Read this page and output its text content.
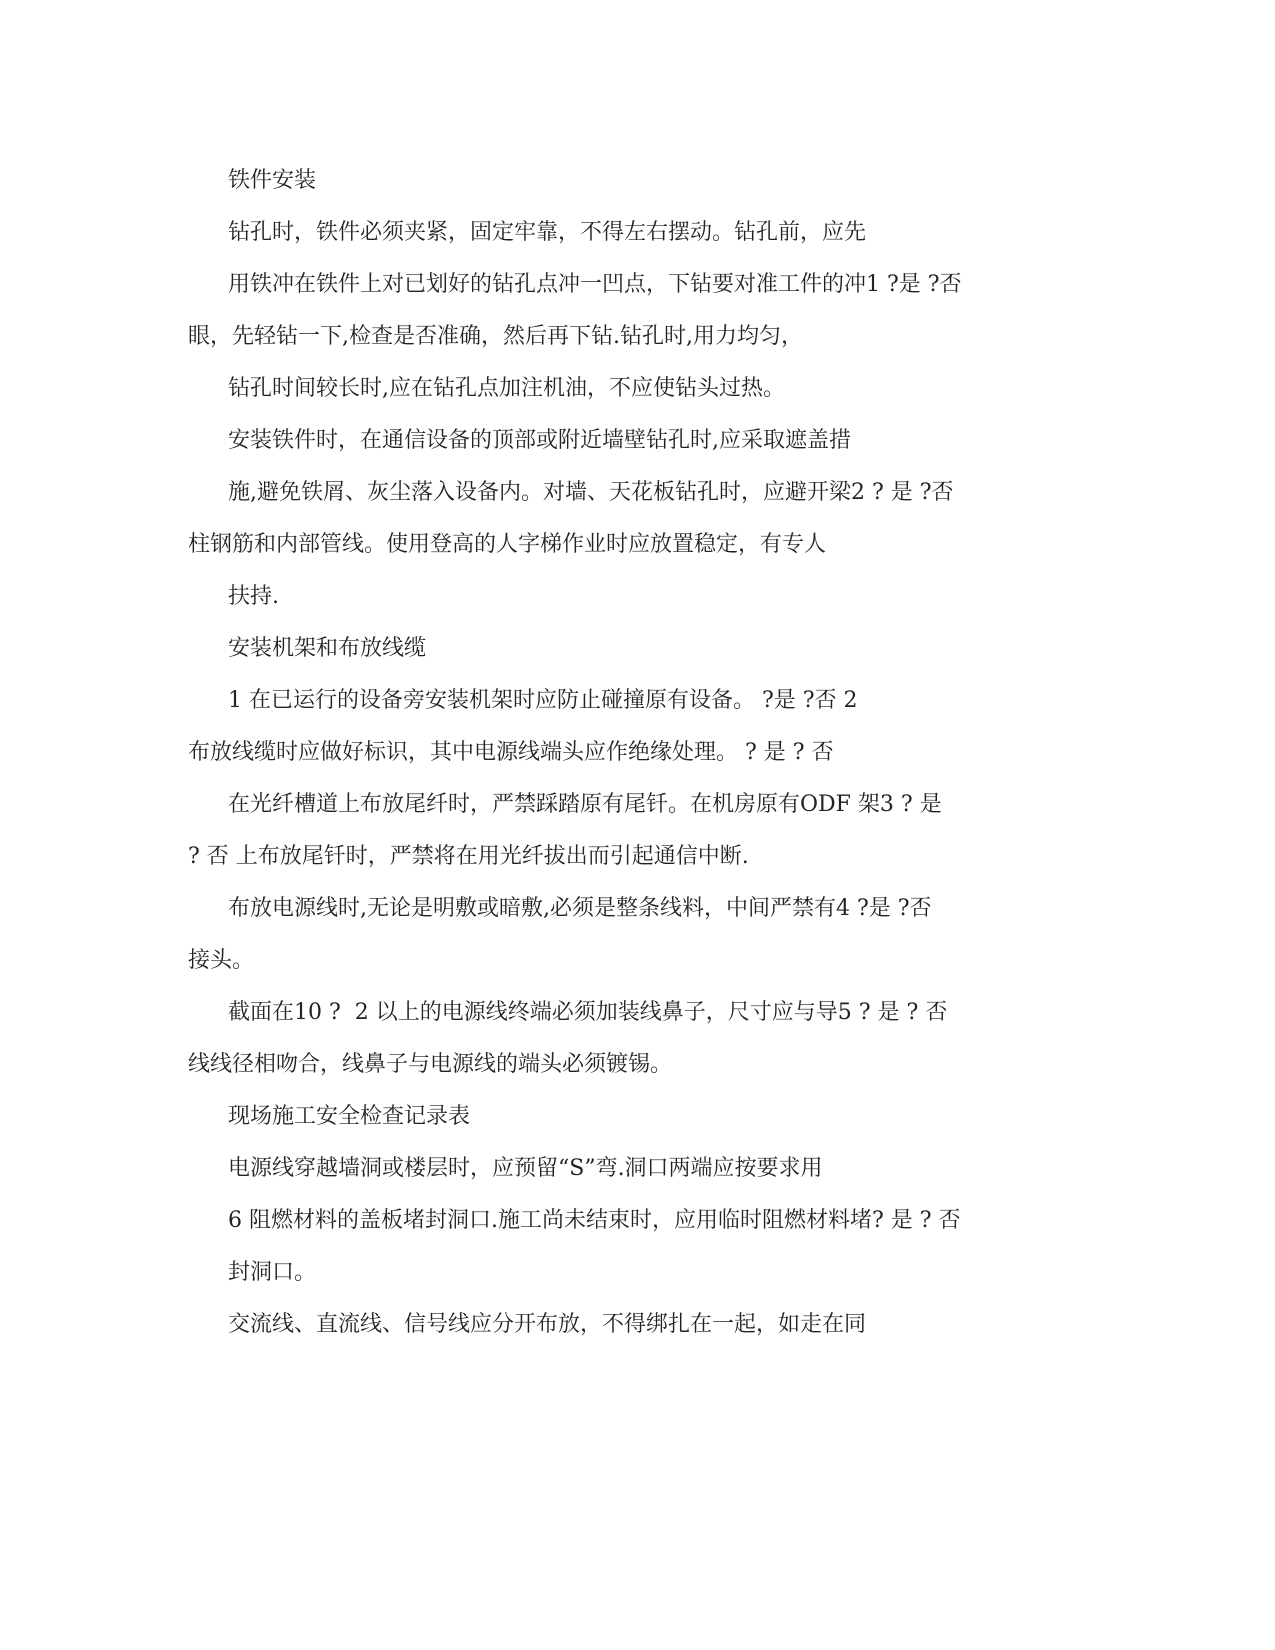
铁件安装
钻孔时，铁件必须夹紧，固定牢靠，不得左右摆动。钻孔前，应先
用铁冲在铁件上对已划好的钻孔点冲一凹点，下钻要对准工件的冲1 ?是 ?否
眼，先轻钻一下,检查是否准确，然后再下钻.钻孔时,用力均匀，
钻孔时间较长时,应在钻孔点加注机油，不应使钻头过热。
安装铁件时，在通信设备的顶部或附近墙壁钻孔时,应采取遮盖措
施,避免铁屑、灰尘落入设备内。对墙、天花板钻孔时，应避开梁2 ? 是 ?否
柱钢筋和内部管线。使用登高的人字梯作业时应放置稳定，有专人
扶持.
安装机架和布放线缆
1 在已运行的设备旁安装机架时应防止碰撞原有设备。 ?是 ?否 2
布放线缆时应做好标识，其中电源线端头应作绝缘处理。 ? 是 ? 否
在光纤槽道上布放尾纤时，严禁踩踏原有尾钎。在机房原有ODF 架3 ? 是
? 否 上布放尾钎时，严禁将在用光纤拔出而引起通信中断.
布放电源线时,无论是明敷或暗敷,必须是整条线料，中间严禁有4 ?是 ?否
接头。
截面在10 ?  2 以上的电源线终端必须加装线鼻子，尺寸应与导5 ? 是 ? 否
线线径相吻合，线鼻子与电源线的端头必须镀锡。
现场施工安全检查记录表
电源线穿越墙洞或楼层时，应预留“S”弯.洞口两端应按要求用
6 阻燃材料的盖板堵封洞口.施工尚未结束时，应用临时阻燃材料堵? 是 ? 否
封洞口。
交流线、直流线、信号线应分开布放，不得绑扎在一起，如走在同
